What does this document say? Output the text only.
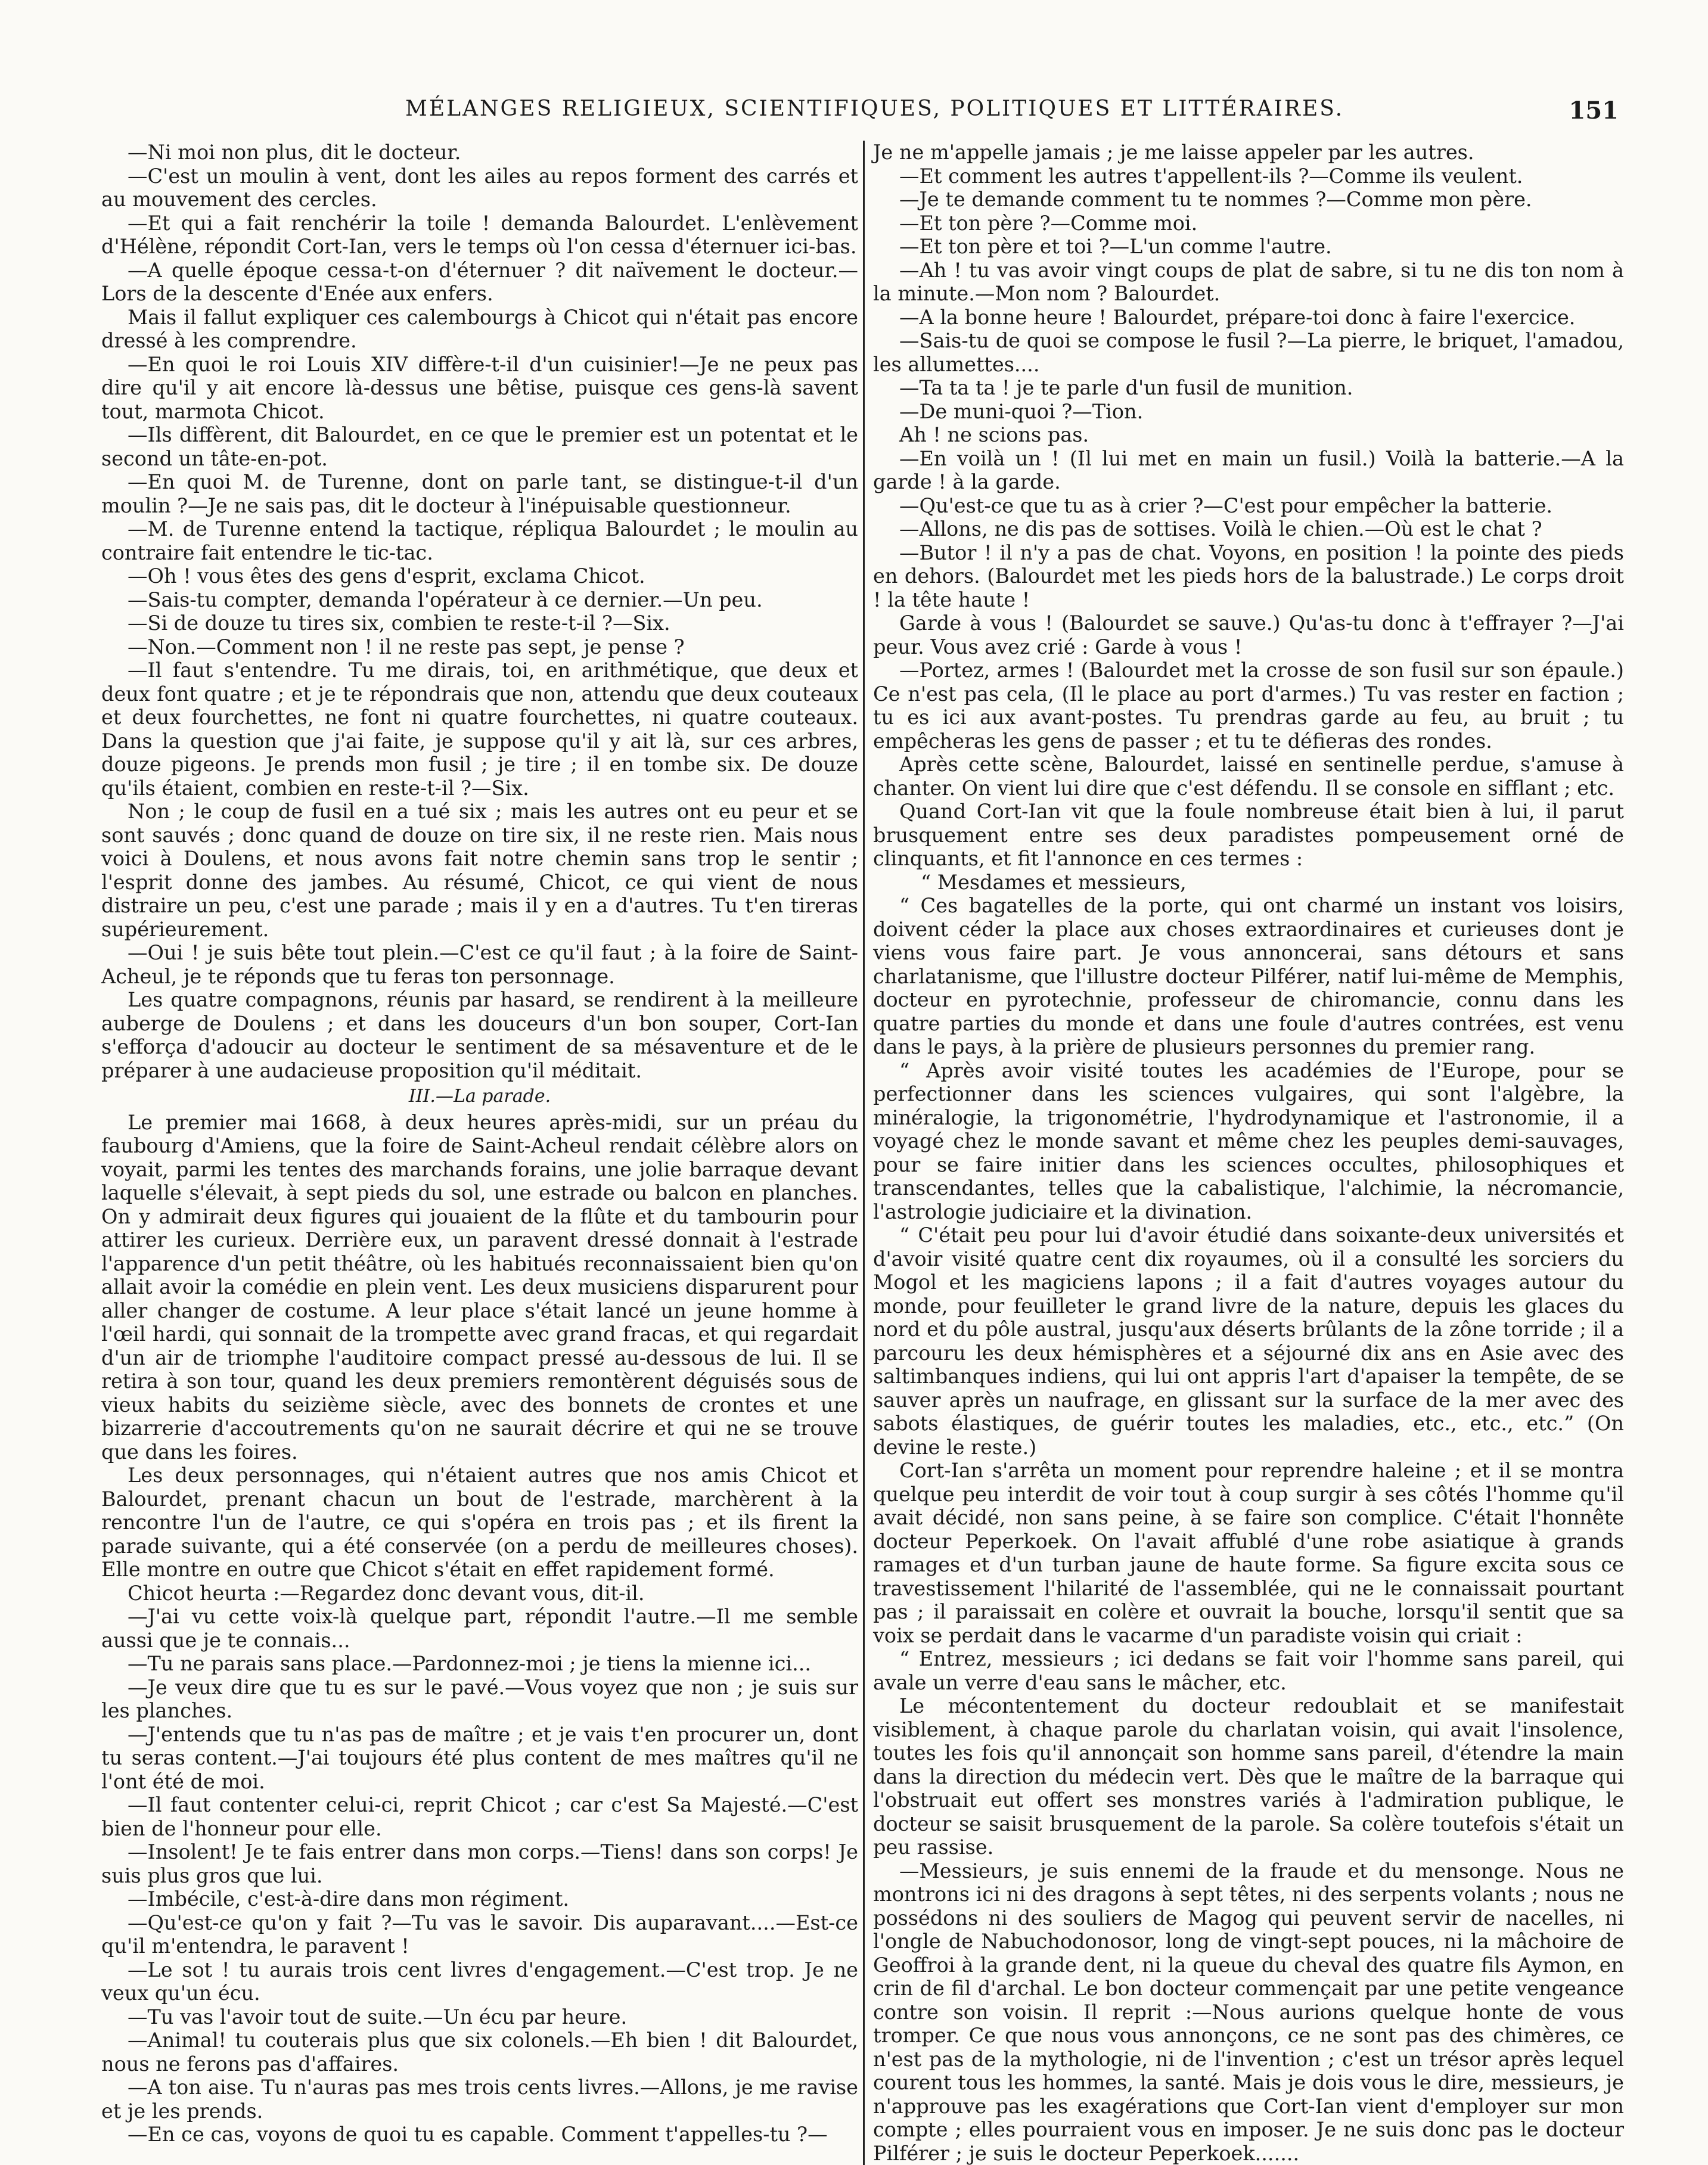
MÉLANGES RELIGIEUX, SCIENTIFIQUES, POLITIQUES ET LITTÉRAIRES.	151

—Ni moi non plus, dit le docteur.

—C'est un moulin à vent, dont les ailes au repos forment des carrés et au mouvement des cercles.

—Et qui a fait renchérir la toile ! demanda Balourdet. L'enlèvement d'Hélène, répondit Cort-Ian, vers le temps où l'on cessa d'éternuer ici-bas.

—A quelle époque cessa-t-on d'éternuer ? dit naïvement le docteur.—Lors de la descente d'Enée aux enfers.

Mais il fallut expliquer ces calembourgs à Chicot qui n'était pas encore dressé à les comprendre.

—En quoi le roi Louis XIV diffère-t-il d'un cuisinier!—Je ne peux pas dire qu'il y ait encore là-dessus une bêtise, puisque ces gens-là savent tout, marmota Chicot.

—Ils diffèrent, dit Balourdet, en ce que le premier est un potentat et le second un tâte-en-pot.

—En quoi M. de Turenne, dont on parle tant, se distingue-t-il d'un moulin ?—Je ne sais pas, dit le docteur à l'inépuisable questionneur.

—M. de Turenne entend la tactique, répliqua Balourdet ; le moulin au contraire fait entendre le tic-tac.

—Oh ! vous êtes des gens d'esprit, exclama Chicot.

—Sais-tu compter, demanda l'opérateur à ce dernier.—Un peu.

—Si de douze tu tires six, combien te reste-t-il ?—Six.

—Non.—Comment non ! il ne reste pas sept, je pense ?

—Il faut s'entendre. Tu me dirais, toi, en arithmétique, que deux et deux font quatre ; et je te répondrais que non, attendu que deux couteaux et deux fourchettes, ne font ni quatre fourchettes, ni quatre couteaux. Dans la question que j'ai faite, je suppose qu'il y ait là, sur ces arbres, douze pigeons. Je prends mon fusil ; je tire ; il en tombe six. De douze qu'ils étaient, combien en reste-t-il ?—Six.

Non ; le coup de fusil en a tué six ; mais les autres ont eu peur et se sont sauvés ; donc quand de douze on tire six, il ne reste rien. Mais nous voici à Doulens, et nous avons fait notre chemin sans trop le sentir ; l'esprit donne des jambes. Au résumé, Chicot, ce qui vient de nous distraire un peu, c'est une parade ; mais il y en a d'autres. Tu t'en tireras supérieurement.

—Oui ! je suis bête tout plein.—C'est ce qu'il faut ; à la foire de Saint-Acheul, je te réponds que tu feras ton personnage.

Les quatre compagnons, réunis par hasard, se rendirent à la meilleure auberge de Doulens ; et dans les douceurs d'un bon souper, Cort-Ian s'efforça d'adoucir au docteur le sentiment de sa mésaventure et de le préparer à une audacieuse proposition qu'il méditait.

III.—La parade.

Le premier mai 1668, à deux heures après-midi, sur un préau du faubourg d'Amiens, que la foire de Saint-Acheul rendait célèbre alors on voyait, parmi les tentes des marchands forains, une jolie barraque devant laquelle s'élevait, à sept pieds du sol, une estrade ou balcon en planches. On y admirait deux figures qui jouaient de la flûte et du tambourin pour attirer les curieux. Derrière eux, un paravent dressé donnait à l'estrade l'apparence d'un petit théâtre, où les habitués reconnaissaient bien qu'on allait avoir la comédie en plein vent. Les deux musiciens disparurent pour aller changer de costume. A leur place s'était lancé un jeune homme à l'œil hardi, qui sonnait de la trompette avec grand fracas, et qui regardait d'un air de triomphe l'auditoire compact pressé au-dessous de lui. Il se retira à son tour, quand les deux premiers remontèrent déguisés sous de vieux habits du seizième siècle, avec des bonnets de crontes et une bizarrerie d'accoutrements qu'on ne saurait décrire et qui ne se trouve que dans les foires.

Les deux personnages, qui n'étaient autres que nos amis Chicot et Balourdet, prenant chacun un bout de l'estrade, marchèrent à la rencontre l'un de l'autre, ce qui s'opéra en trois pas ; et ils firent la parade suivante, qui a été conservée (on a perdu de meilleures choses). Elle montre en outre que Chicot s'était en effet rapidement formé.

Chicot heurta :—Regardez donc devant vous, dit-il.

—J'ai vu cette voix-là quelque part, répondit l'autre.—Il me semble aussi que je te connais...

—Tu ne parais sans place.—Pardonnez-moi ; je tiens la mienne ici...

—Je veux dire que tu es sur le pavé.—Vous voyez que non ; je suis sur les planches.

—J'entends que tu n'as pas de maître ; et je vais t'en procurer un, dont tu seras content.—J'ai toujours été plus content de mes maîtres qu'il ne l'ont été de moi.

—Il faut contenter celui-ci, reprit Chicot ; car c'est Sa Majesté.—C'est bien de l'honneur pour elle.

—Insolent! Je te fais entrer dans mon corps.—Tiens! dans son corps! Je suis plus gros que lui.

—Imbécile, c'est-à-dire dans mon régiment.

—Qu'est-ce qu'on y fait ?—Tu vas le savoir. Dis auparavant....—Est-ce qu'il m'entendra, le paravent !

—Le sot ! tu aurais trois cent livres d'engagement.—C'est trop. Je ne veux qu'un écu.

—Tu vas l'avoir tout de suite.—Un écu par heure.

—Animal! tu couterais plus que six colonels.—Eh bien ! dit Balourdet, nous ne ferons pas d'affaires.

—A ton aise. Tu n'auras pas mes trois cents livres.—Allons, je me ravise et je les prends.

—En ce cas, voyons de quoi tu es capable. Comment t'appelles-tu ?—

Je ne m'appelle jamais ; je me laisse appeler par les autres.

—Et comment les autres t'appellent-ils ?—Comme ils veulent.

—Je te demande comment tu te nommes ?—Comme mon père.

—Et ton père ?—Comme moi.

—Et ton père et toi ?—L'un comme l'autre.

—Ah ! tu vas avoir vingt coups de plat de sabre, si tu ne dis ton nom à la minute.—Mon nom ? Balourdet.

—A la bonne heure ! Balourdet, prépare-toi donc à faire l'exercice.

—Sais-tu de quoi se compose le fusil ?—La pierre, le briquet, l'amadou, les allumettes....

—Ta ta ta ! je te parle d'un fusil de munition.

—De muni-quoi ?—Tion.

Ah ! ne scions pas.

—En voilà un ! (Il lui met en main un fusil.) Voilà la batterie.—A la garde ! à la garde.

—Qu'est-ce que tu as à crier ?—C'est pour empêcher la batterie.

—Allons, ne dis pas de sottises. Voilà le chien.—Où est le chat ?

—Butor ! il n'y a pas de chat. Voyons, en position ! la pointe des pieds en dehors. (Balourdet met les pieds hors de la balustrade.) Le corps droit ! la tête haute !

Garde à vous ! (Balourdet se sauve.) Qu'as-tu donc à t'effrayer ?—J'ai peur. Vous avez crié : Garde à vous !

—Portez, armes ! (Balourdet met la crosse de son fusil sur son épaule.) Ce n'est pas cela, (Il le place au port d'armes.) Tu vas rester en faction ; tu es ici aux avant-postes. Tu prendras garde au feu, au bruit ; tu empêcheras les gens de passer ; et tu te défieras des rondes.

Après cette scène, Balourdet, laissé en sentinelle perdue, s'amuse à chanter. On vient lui dire que c'est défendu. Il se console en sifflant ; etc.

Quand Cort-Ian vit que la foule nombreuse était bien à lui, il parut brusquement entre ses deux paradistes pompeusement orné de clinquants, et fit l'annonce en ces termes :

“ Mesdames et messieurs,

“ Ces bagatelles de la porte, qui ont charmé un instant vos loisirs, doivent céder la place aux choses extraordinaires et curieuses dont je viens vous faire part. Je vous annoncerai, sans détours et sans charlatanisme, que l'illustre docteur Pilférer, natif lui-même de Memphis, docteur en pyrotechnie, professeur de chiromancie, connu dans les quatre parties du monde et dans une foule d'autres contrées, est venu dans le pays, à la prière de plusieurs personnes du premier rang.

“ Après avoir visité toutes les académies de l'Europe, pour se perfectionner dans les sciences vulgaires, qui sont l'algèbre, la minéralogie, la trigonométrie, l'hydrodynamique et l'astronomie, il a voyagé chez le monde savant et même chez les peuples demi-sauvages, pour se faire initier dans les sciences occultes, philosophiques et transcendantes, telles que la cabalistique, l'alchimie, la nécromancie, l'astrologie judiciaire et la divination.

“ C'était peu pour lui d'avoir étudié dans soixante-deux universités et d'avoir visité quatre cent dix royaumes, où il a consulté les sorciers du Mogol et les magiciens lapons ; il a fait d'autres voyages autour du monde, pour feuilleter le grand livre de la nature, depuis les glaces du nord et du pôle austral, jusqu'aux déserts brûlants de la zône torride ; il a parcouru les deux hémisphères et a séjourné dix ans en Asie avec des saltimbanques indiens, qui lui ont appris l'art d'apaiser la tempête, de se sauver après un naufrage, en glissant sur la surface de la mer avec des sabots élastiques, de guérir toutes les maladies, etc., etc., etc.” (On devine le reste.)

Cort-Ian s'arrêta un moment pour reprendre haleine ; et il se montra quelque peu interdit de voir tout à coup surgir à ses côtés l'homme qu'il avait décidé, non sans peine, à se faire son complice. C'était l'honnête docteur Peperkoek. On l'avait affublé d'une robe asiatique à grands ramages et d'un turban jaune de haute forme. Sa figure excita sous ce travestissement l'hilarité de l'assemblée, qui ne le connaissait pourtant pas ; il paraissait en colère et ouvrait la bouche, lorsqu'il sentit que sa voix se perdait dans le vacarme d'un paradiste voisin qui criait :

“ Entrez, messieurs ; ici dedans se fait voir l'homme sans pareil, qui avale un verre d'eau sans le mâcher, etc.

Le mécontentement du docteur redoublait et se manifestait visiblement, à chaque parole du charlatan voisin, qui avait l'insolence, toutes les fois qu'il annonçait son homme sans pareil, d'étendre la main dans la direction du médecin vert. Dès que le maître de la barraque qui l'obstruait eut offert ses monstres variés à l'admiration publique, le docteur se saisit brusquement de la parole. Sa colère toutefois s'était un peu rassise.

—Messieurs, je suis ennemi de la fraude et du mensonge. Nous ne montrons ici ni des dragons à sept têtes, ni des serpents volants ; nous ne possédons ni des souliers de Magog qui peuvent servir de nacelles, ni l'ongle de Nabuchodonosor, long de vingt-sept pouces, ni la mâchoire de Geoffroi à la grande dent, ni la queue du cheval des quatre fils Aymon, en crin de fil d'archal. Le bon docteur commençait par une petite vengeance contre son voisin. Il reprit :—Nous aurions quelque honte de vous tromper. Ce que nous vous annonçons, ce ne sont pas des chimères, ce n'est pas de la mythologie, ni de l'invention ; c'est un trésor après lequel courent tous les hommes, la santé. Mais je dois vous le dire, messieurs, je n'approuve pas les exagérations que Cort-Ian vient d'employer sur mon compte ; elles pourraient vous en imposer. Je ne suis donc pas le docteur Pilférer ; je suis le docteur Peperkoek.......
